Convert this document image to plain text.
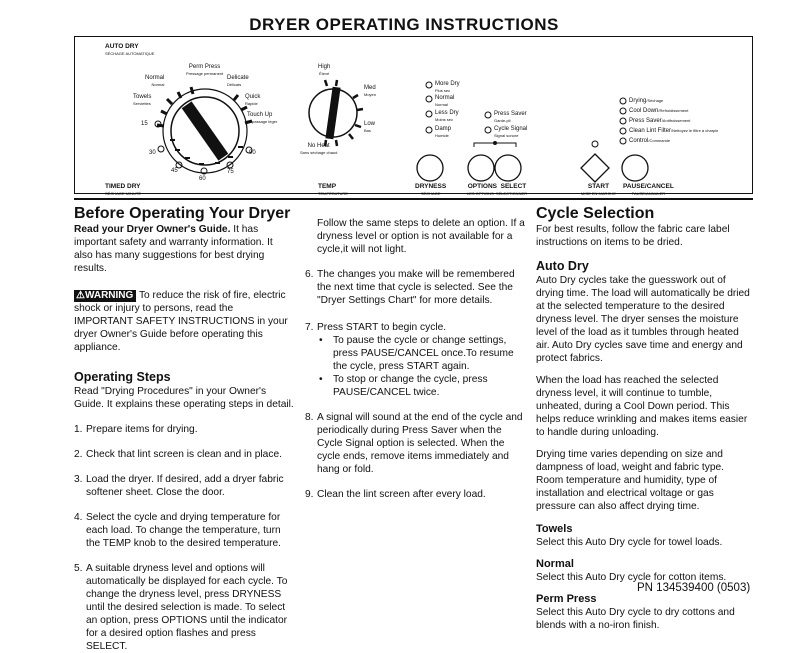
DRYER OPERATING INSTRUCTIONS
AUTO DRY
SÉCHAGE AUTOMATIQUE
Perm Press
Pressage permanent
Normal
Normal
Delicate
Délicats
Towels
Serviettes
Quick
Rapide
Touch Up
Repassage léger
15
30
45
60
75
90
TIMED DRY
SÉCHAGE MINUTÉ
High
Élevé
Med
Moyen
Low
Bas
No Heat
Sans séchage chaud
TEMP
TEMPÉRATURE
More Dry
Plus sec
Normal
Normal
Less Dry
Moins sec
Damp
Humide
Press Saver
Garde-pli
Cycle Signal
Signal sonore
Drying/Séchage
Cool Down/Refroidissement
Press Saver/Antifroissement
Clean Lint Filter/Nettoyez le filtre à charpie
Control/Commande
DRYNESS
SÉCHAGE
OPTIONS  SELECT
LES OPTIONS  SÉLECTIONNER
START
MISE EN MARCHE
PAUSE/CANCEL
PAUSE/ANNULER
Before Operating Your Dryer

Read your Dryer Owner's Guide. It has important safety and warranty information. It also has many suggestions for best drying results.

⚠WARNING To reduce the risk of fire, electric shock or injury to persons, read the IMPORTANT SAFETY INSTRUCTIONS in your dryer Owner's Guide before operating this appliance.

Operating Steps

Read "Drying Procedures" in your Owner's Guide. It explains these operating steps in detail.

1. Prepare items for drying.

2. Check that lint screen is clean and in place.

3. Load the dryer. If desired, add a dryer fabric softener sheet. Close the door.

4. Select the cycle and drying temperature for each load. To change the temperature, turn the TEMP knob to the desired temperature.

5. A suitable dryness level and options will automatically be displayed for each cycle. To change the dryness level, press DRYNESS until the desired selection is made. To select an option, press OPTIONS until the indicator for a desired option flashes and press SELECT.

Follow the same steps to delete an option. If a dryness level or option is not available for a cycle,it will not light.

6. The changes you make will be remembered the next time that cycle is selected. See the "Dryer Settings Chart" for more details.

7. Press START to begin cycle.

•	To pause the cycle or change settings, press PAUSE/CANCEL once.To resume the cycle, press START again.

•	To stop or change the cycle, press PAUSE/CANCEL twice.

8. A signal will sound at the end of the cycle and periodically during Press Saver when the Cycle Signal option is selected. When the cycle ends, remove items immediately and hang or fold.

9. Clean the lint screen after every load.

Cycle Selection

For best results, follow the fabric care label instructions on items to be dried.

Auto Dry

Auto Dry cycles take the guesswork out of drying time. The load will automatically be dried at the selected temperature to the desired dryness level. The dryer senses the moisture level of the load as it tumbles through heated air. Auto Dry cycles save time and energy and protect fabrics.

When the load has reached the selected dryness level, it will continue to tumble, unheated, during a Cool Down period. This helps reduce wrinkling and makes items easier to handle during unloading.

Drying time varies depending on size and dampness of load, weight and fabric type. Room temperature and humidity, type of installation and electrical voltage or gas pressure can also affect drying time.

Towels

Select this Auto Dry cycle for towel loads.

Normal

Select this Auto Dry cycle for cotton items.

Perm Press

Select this Auto Dry cycle to dry cottons and blends with a no-iron finish.

PN 134539400 (0503)
